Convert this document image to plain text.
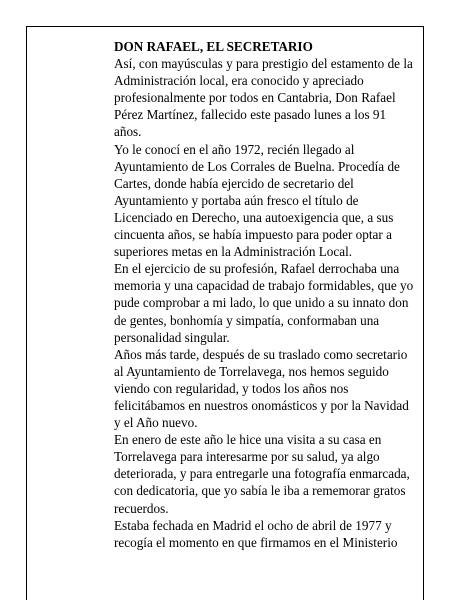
DON RAFAEL, EL SECRETARIO

Así, con mayúsculas y para prestigio del estamento de la Administración local, era conocido y apreciado profesionalmente por todos en Cantabria, Don Rafael Pérez Martínez, fallecido este pasado lunes a los 91 años.

Yo le conocí en el año 1972, recién llegado al Ayuntamiento de Los Corrales de Buelna. Procedía de Cartes, donde había ejercido de secretario del Ayuntamiento y portaba aún fresco el título de Licenciado en Derecho, una autoexigencia que, a sus cincuenta años, se había impuesto para poder optar a superiores metas en la Administración Local.

En el ejercicio de su profesión, Rafael derrochaba una memoria y una capacidad de trabajo formidables, que yo pude comprobar a mi lado, lo que unido a su innato don de gentes, bonhomía y simpatía, conformaban una personalidad singular.

Años más tarde, después de su traslado como secretario al Ayuntamiento de Torrelavega, nos hemos seguido viendo con regularidad, y todos los años nos felicitábamos en nuestros onomásticos y por la Navidad y el Año nuevo.

En enero de este año le hice una visita a su casa en Torrelavega para interesarme por su salud, ya algo deteriorada, y para entregarle una fotografía enmarcada, con dedicatoria, que yo sabía le iba a rememorar gratos recuerdos.

Estaba fechada en Madrid el ocho de abril de 1977 y recogía el momento en que firmamos en el Ministerio
